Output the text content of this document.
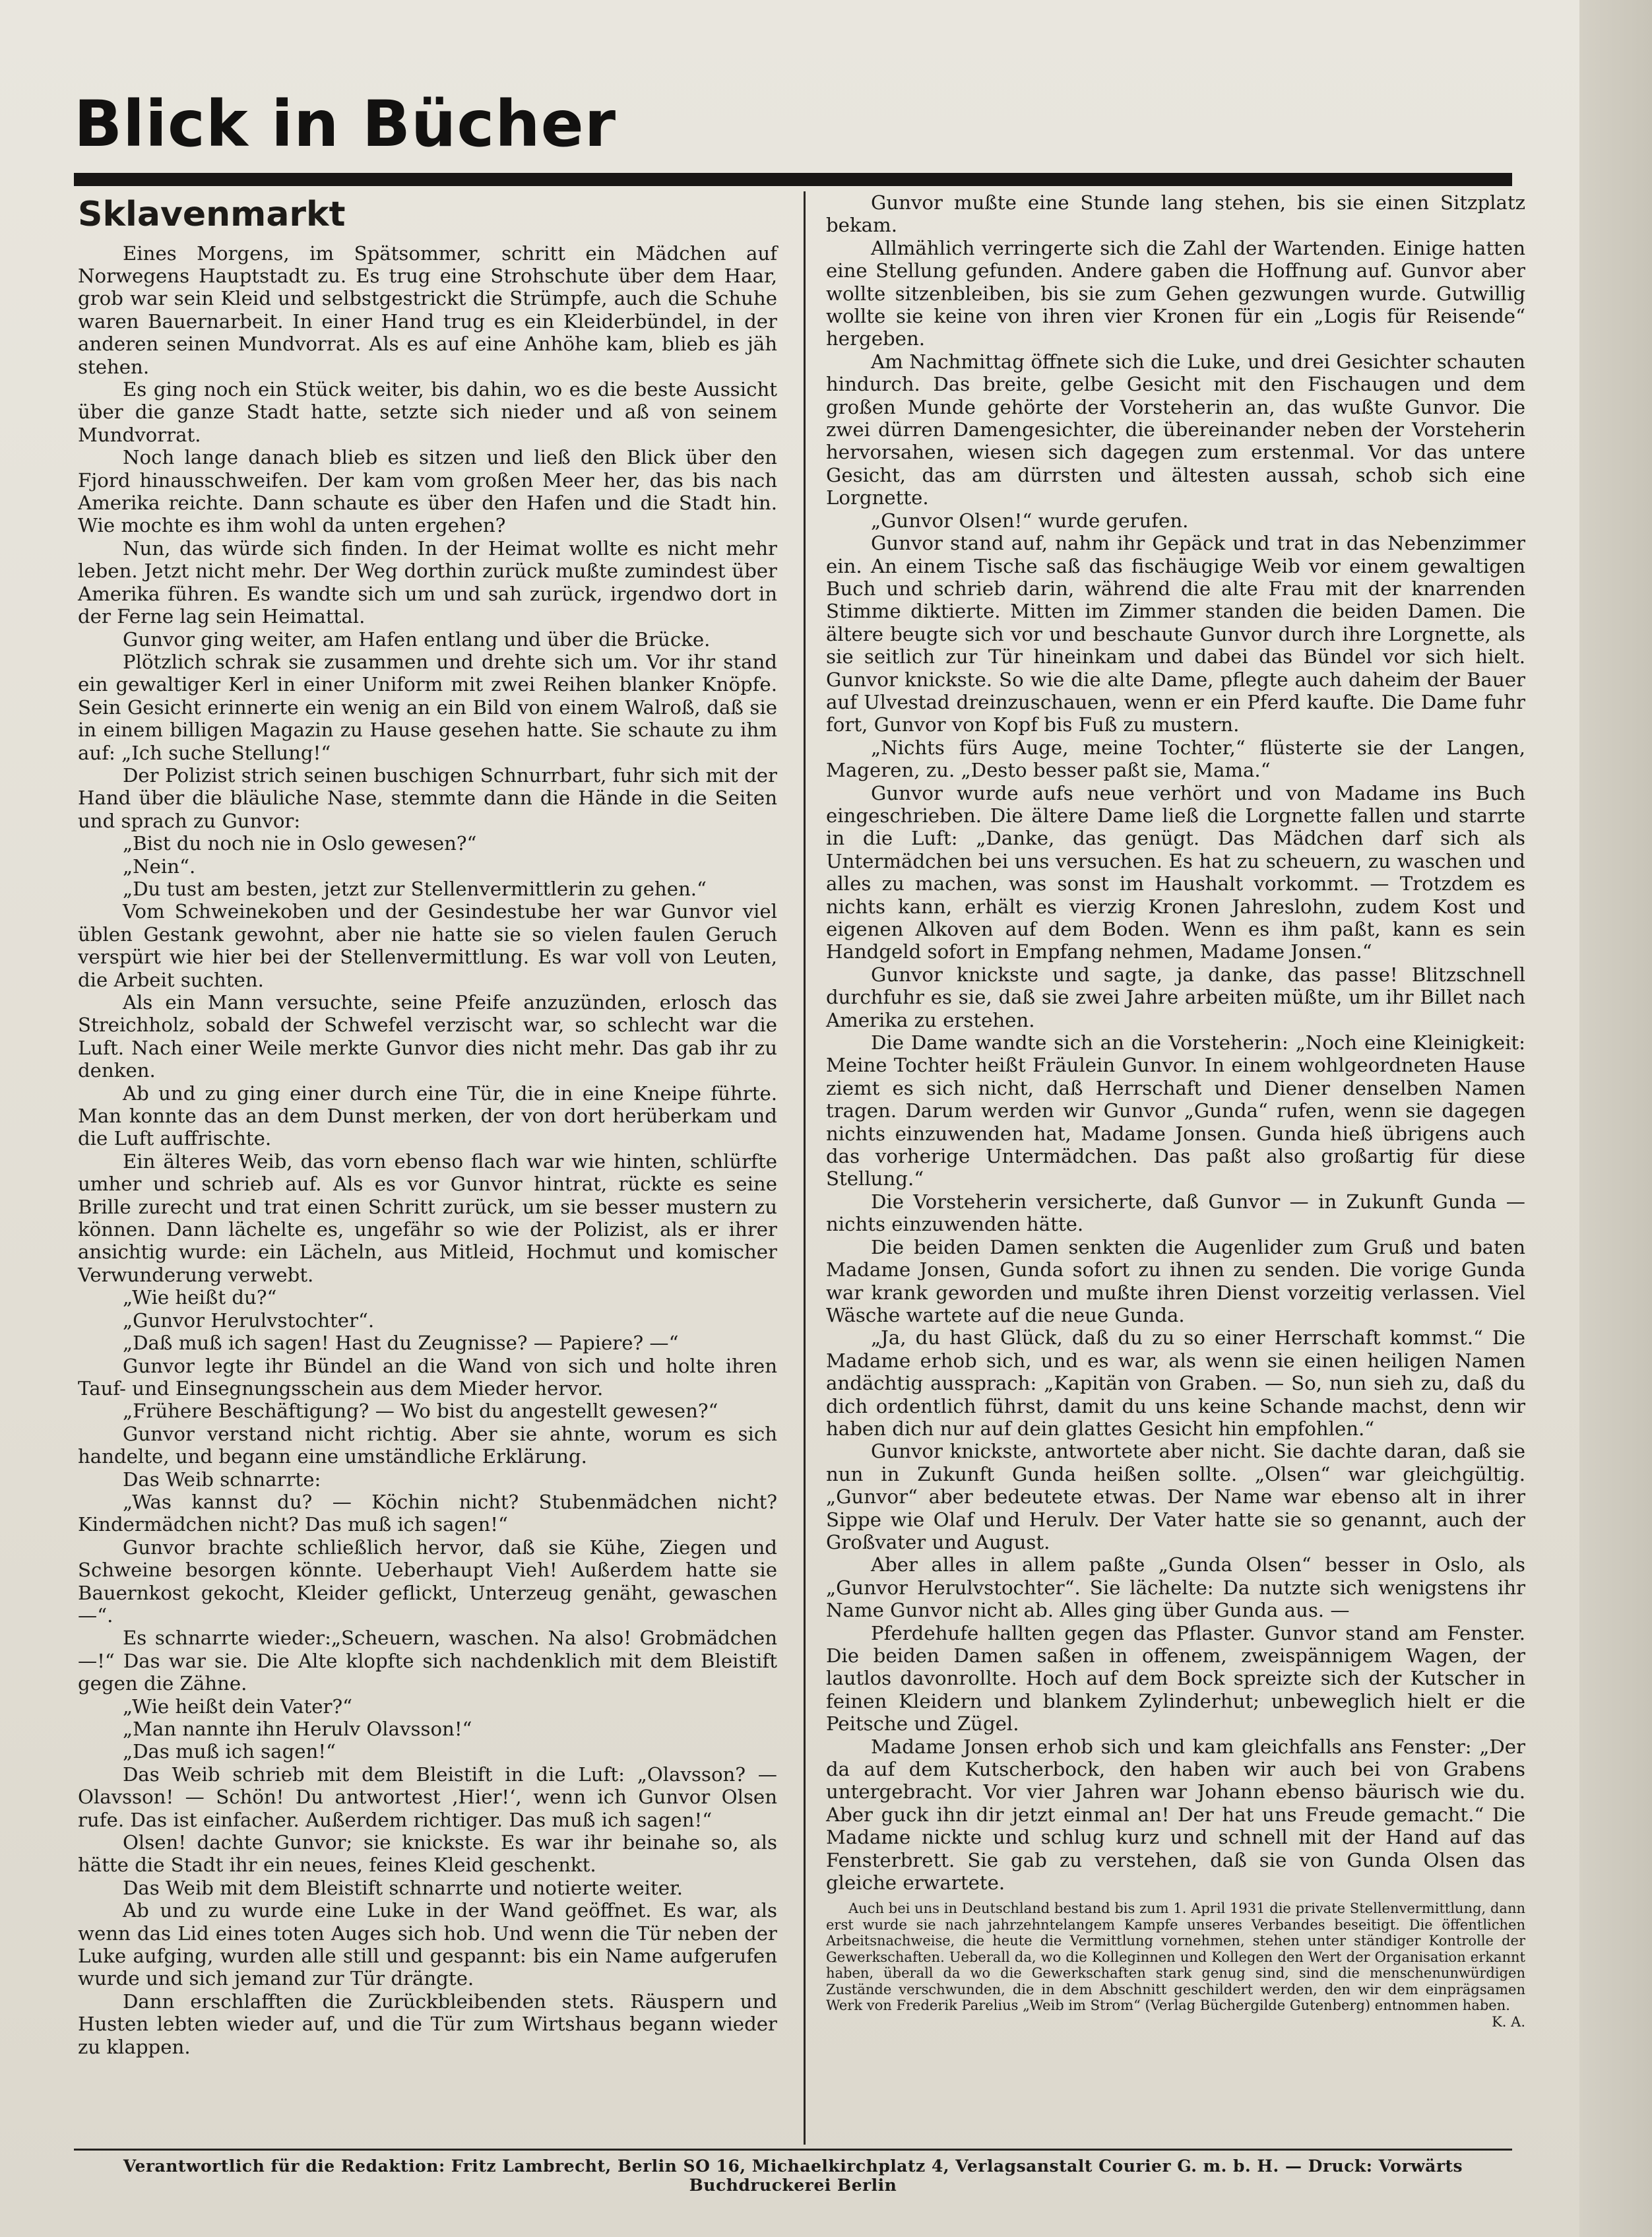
Blick in Bücher
Sklavenmarkt

Eines Morgens, im Spätsommer, schritt ein Mädchen auf Norwegens Hauptstadt zu. Es trug eine Strohschute über dem Haar, grob war sein Kleid und selbstgestrickt die Strümpfe, auch die Schuhe waren Bauernarbeit. In einer Hand trug es ein Kleiderbündel, in der anderen seinen Mundvorrat. Als es auf eine Anhöhe kam, blieb es jäh stehen.

Es ging noch ein Stück weiter, bis dahin, wo es die beste Aussicht über die ganze Stadt hatte, setzte sich nieder und aß von seinem Mundvorrat.

Noch lange danach blieb es sitzen und ließ den Blick über den Fjord hinausschweifen. Der kam vom großen Meer her, das bis nach Amerika reichte. Dann schaute es über den Hafen und die Stadt hin. Wie mochte es ihm wohl da unten ergehen?

Nun, das würde sich finden. In der Heimat wollte es nicht mehr leben. Jetzt nicht mehr. Der Weg dorthin zurück mußte zumindest über Amerika führen. Es wandte sich um und sah zurück, irgendwo dort in der Ferne lag sein Heimattal.

Gunvor ging weiter, am Hafen entlang und über die Brücke.

Plötzlich schrak sie zusammen und drehte sich um. Vor ihr stand ein gewaltiger Kerl in einer Uniform mit zwei Reihen blanker Knöpfe. Sein Gesicht erinnerte ein wenig an ein Bild von einem Walroß, daß sie in einem billigen Magazin zu Hause gesehen hatte. Sie schaute zu ihm auf: „Ich suche Stellung!“

Der Polizist strich seinen buschigen Schnurrbart, fuhr sich mit der Hand über die bläuliche Nase, stemmte dann die Hände in die Seiten und sprach zu Gunvor:

„Bist du noch nie in Oslo gewesen?“

„Nein“.

„Du tust am besten, jetzt zur Stellenvermittlerin zu gehen.“

Vom Schweinekoben und der Gesindestube her war Gunvor viel üblen Gestank gewohnt, aber nie hatte sie so vielen faulen Geruch verspürt wie hier bei der Stellenvermittlung. Es war voll von Leuten, die Arbeit suchten.

Als ein Mann versuchte, seine Pfeife anzuzünden, erlosch das Streichholz, sobald der Schwefel verzischt war, so schlecht war die Luft. Nach einer Weile merkte Gunvor dies nicht mehr. Das gab ihr zu denken.

Ab und zu ging einer durch eine Tür, die in eine Kneipe führte. Man konnte das an dem Dunst merken, der von dort herüberkam und die Luft auffrischte.

Ein älteres Weib, das vorn ebenso flach war wie hinten, schlürfte umher und schrieb auf. Als es vor Gunvor hintrat, rückte es seine Brille zurecht und trat einen Schritt zurück, um sie besser mustern zu können. Dann lächelte es, ungefähr so wie der Polizist, als er ihrer ansichtig wurde: ein Lächeln, aus Mitleid, Hochmut und komischer Verwunderung verwebt.

„Wie heißt du?“

„Gunvor Herulvstochter“.

„Daß muß ich sagen! Hast du Zeugnisse? — Papiere? —“

Gunvor legte ihr Bündel an die Wand von sich und holte ihren Tauf- und Einsegnungsschein aus dem Mieder hervor.

„Frühere Beschäftigung? — Wo bist du angestellt gewesen?“

Gunvor verstand nicht richtig. Aber sie ahnte, worum es sich handelte, und begann eine umständliche Erklärung.

Das Weib schnarrte:

„Was kannst du? — Köchin nicht? Stubenmädchen nicht? Kindermädchen nicht? Das muß ich sagen!“

Gunvor brachte schließlich hervor, daß sie Kühe, Ziegen und Schweine besorgen könnte. Ueberhaupt Vieh! Außerdem hatte sie Bauernkost gekocht, Kleider geflickt, Unterzeug genäht, gewaschen —“.

Es schnarrte wieder:„Scheuern, waschen. Na also! Grobmädchen —!“ Das war sie. Die Alte klopfte sich nachdenklich mit dem Bleistift gegen die Zähne.

„Wie heißt dein Vater?“

„Man nannte ihn Herulv Olavsson!“

„Das muß ich sagen!“

Das Weib schrieb mit dem Bleistift in die Luft: „Olavsson? — Olavsson! — Schön! Du antwortest ‚Hier!‘, wenn ich Gunvor Olsen rufe. Das ist einfacher. Außerdem richtiger. Das muß ich sagen!“

Olsen! dachte Gunvor; sie knickste. Es war ihr beinahe so, als hätte die Stadt ihr ein neues, feines Kleid geschenkt.

Das Weib mit dem Bleistift schnarrte und notierte weiter.

Ab und zu wurde eine Luke in der Wand geöffnet. Es war, als wenn das Lid eines toten Auges sich hob. Und wenn die Tür neben der Luke aufging, wurden alle still und gespannt: bis ein Name aufgerufen wurde und sich jemand zur Tür drängte.

Dann erschlafften die Zurückbleibenden stets. Räuspern und Husten lebten wieder auf, und die Tür zum Wirtshaus begann wieder zu klappen.

Gunvor mußte eine Stunde lang stehen, bis sie einen Sitzplatz bekam.

Allmählich verringerte sich die Zahl der Wartenden. Einige hatten eine Stellung gefunden. Andere gaben die Hoffnung auf. Gunvor aber wollte sitzenbleiben, bis sie zum Gehen gezwungen wurde. Gutwillig wollte sie keine von ihren vier Kronen für ein „Logis für Reisende“ hergeben.

Am Nachmittag öffnete sich die Luke, und drei Gesichter schauten hindurch. Das breite, gelbe Gesicht mit den Fischaugen und dem großen Munde gehörte der Vorsteherin an, das wußte Gunvor. Die zwei dürren Damengesichter, die übereinander neben der Vorsteherin hervorsahen, wiesen sich dagegen zum erstenmal. Vor das untere Gesicht, das am dürrsten und ältesten aussah, schob sich eine Lorgnette.

„Gunvor Olsen!“ wurde gerufen.

Gunvor stand auf, nahm ihr Gepäck und trat in das Nebenzimmer ein. An einem Tische saß das fischäugige Weib vor einem gewaltigen Buch und schrieb darin, während die alte Frau mit der knarrenden Stimme diktierte. Mitten im Zimmer standen die beiden Damen. Die ältere beugte sich vor und beschaute Gunvor durch ihre Lorgnette, als sie seitlich zur Tür hineinkam und dabei das Bündel vor sich hielt. Gunvor knickste. So wie die alte Dame, pflegte auch daheim der Bauer auf Ulvestad dreinzuschauen, wenn er ein Pferd kaufte. Die Dame fuhr fort, Gunvor von Kopf bis Fuß zu mustern.

„Nichts fürs Auge, meine Tochter,“ flüsterte sie der Langen, Mageren, zu. „Desto besser paßt sie, Mama.“

Gunvor wurde aufs neue verhört und von Madame ins Buch eingeschrieben. Die ältere Dame ließ die Lorgnette fallen und starrte in die Luft: „Danke, das genügt. Das Mädchen darf sich als Untermädchen bei uns versuchen. Es hat zu scheuern, zu waschen und alles zu machen, was sonst im Haushalt vorkommt. — Trotzdem es nichts kann, erhält es vierzig Kronen Jahreslohn, zudem Kost und eigenen Alkoven auf dem Boden. Wenn es ihm paßt, kann es sein Handgeld sofort in Empfang nehmen, Madame Jonsen.“

Gunvor knickste und sagte, ja danke, das passe! Blitzschnell durchfuhr es sie, daß sie zwei Jahre arbeiten müßte, um ihr Billet nach Amerika zu erstehen.

Die Dame wandte sich an die Vorsteherin: „Noch eine Kleinigkeit: Meine Tochter heißt Fräulein Gunvor. In einem wohlgeordneten Hause ziemt es sich nicht, daß Herrschaft und Diener denselben Namen tragen. Darum werden wir Gunvor „Gunda“ rufen, wenn sie dagegen nichts einzuwenden hat, Madame Jonsen. Gunda hieß übrigens auch das vorherige Untermädchen. Das paßt also großartig für diese Stellung.“

Die Vorsteherin versicherte, daß Gunvor — in Zukunft Gunda — nichts einzuwenden hätte.

Die beiden Damen senkten die Augenlider zum Gruß und baten Madame Jonsen, Gunda sofort zu ihnen zu senden. Die vorige Gunda war krank geworden und mußte ihren Dienst vorzeitig verlassen. Viel Wäsche wartete auf die neue Gunda.

„Ja, du hast Glück, daß du zu so einer Herrschaft kommst.“ Die Madame erhob sich, und es war, als wenn sie einen heiligen Namen andächtig aussprach: „Kapitän von Graben. — So, nun sieh zu, daß du dich ordentlich führst, damit du uns keine Schande machst, denn wir haben dich nur auf dein glattes Gesicht hin empfohlen.“

Gunvor knickste, antwortete aber nicht. Sie dachte daran, daß sie nun in Zukunft Gunda heißen sollte. „Olsen“ war gleichgültig. „Gunvor“ aber bedeutete etwas. Der Name war ebenso alt in ihrer Sippe wie Olaf und Herulv. Der Vater hatte sie so genannt, auch der Großvater und August.

Aber alles in allem paßte „Gunda Olsen“ besser in Oslo, als „Gunvor Herulvstochter“. Sie lächelte: Da nutzte sich wenigstens ihr Name Gunvor nicht ab. Alles ging über Gunda aus. —

Pferdehufe hallten gegen das Pflaster. Gunvor stand am Fenster. Die beiden Damen saßen in offenem, zweispännigem Wagen, der lautlos davonrollte. Hoch auf dem Bock spreizte sich der Kutscher in feinen Kleidern und blankem Zylinderhut; unbeweglich hielt er die Peitsche und Zügel.

Madame Jonsen erhob sich und kam gleichfalls ans Fenster: „Der da auf dem Kutscherbock, den haben wir auch bei von Grabens untergebracht. Vor vier Jahren war Johann ebenso bäurisch wie du. Aber guck ihn dir jetzt einmal an! Der hat uns Freude gemacht.“ Die Madame nickte und schlug kurz und schnell mit der Hand auf das Fensterbrett. Sie gab zu verstehen, daß sie von Gunda Olsen das gleiche erwartete.

Auch bei uns in Deutschland bestand bis zum 1. April 1931 die private Stellenvermittlung, dann erst wurde sie nach jahrzehntelangem Kampfe unseres Verbandes beseitigt. Die öffentlichen Arbeitsnachweise, die heute die Vermittlung vornehmen, stehen unter ständiger Kontrolle der Gewerkschaften. Ueberall da, wo die Kolleginnen und Kollegen den Wert der Organisation erkannt haben, überall da wo die Gewerkschaften stark genug sind, sind die menschenunwürdigen Zustände verschwunden, die in dem Abschnitt geschildert werden, den wir dem einprägsamen Werk von Frederik Parelius „Weib im Strom“ (Verlag Büchergilde Gutenberg) entnommen haben.

K. A.

Verantwortlich für die Redaktion: Fritz Lambrecht, Berlin SO 16, Michaelkirchplatz 4, Verlagsanstalt Courier G. m. b. H. — Druck: Vorwärts Buchdruckerei Berlin
